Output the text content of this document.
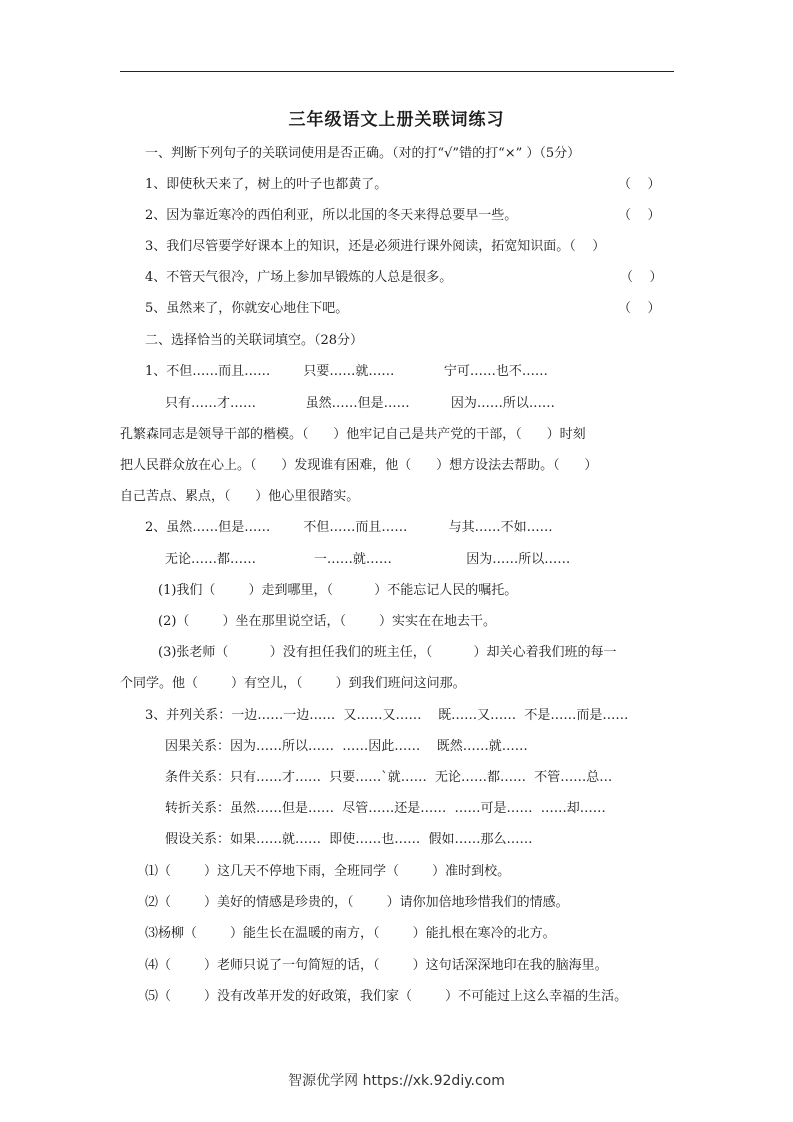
三年级语文上册关联词练习
一、判断下列句子的关联词使用是否正确。（对的打“√”错的打“×” ）（5分）
1、即使秋天来了，树上的叶子也都黄了。	（    ）
2、因为靠近寒冷的西伯利亚，所以北国的冬天来得总要早一些。	（    ）
3、我们尽管要学好课本上的知识，还是必须进行课外阅读，拓宽知识面。（    ）
4、不管天气很冷，广场上参加早锻炼的人总是很多。	（    ）
5、虽然来了，你就安心地住下吧。	（    ）
二、选择恰当的关联词填空。（28分）
1、不但……而且……        只要……就……            宁可……也不……
只有……才……            虽然……但是……          因为……所以……
孔繁森同志是领导干部的楷模。（      ）他牢记自己是共产党的干部，（      ）时刻
把人民群众放在心上。（      ）发现谁有困难，他（      ）想方设法去帮助。（      ）
自己苦点、累点，（      ）他心里很踏实。
2、虽然……但是……        不但……而且……          与其……不如……
无论……都……              一……就……                  因为……所以……
(1)我们（        ）走到哪里，（          ）不能忘记人民的嘱托。
(2)（        ）坐在那里说空话，（        ）实实在在地去干。
(3)张老师（          ）没有担任我们的班主任，（          ）却关心着我们班的每一
个同学。他（        ）有空儿，（        ）到我们班问这问那。
3、并列关系：一边……一边……  又……又……    既……又……  不是……而是……
因果关系：因为……所以……  ……因此……    既然……就……
条件关系：只有……才……  只要……`就……  无论……都……  不管……总…
转折关系：虽然……但是……  尽管……还是……  ……可是……  ……却……
假设关系：如果……就……  即使……也……  假如……那么……
⑴（        ）这几天不停地下雨，全班同学（        ）准时到校。
⑵（        ）美好的情感是珍贵的，（        ）请你加倍地珍惜我们的情感。
⑶杨柳（        ）能生长在温暖的南方，（        ）能扎根在寒冷的北方。
⑷（        ）老师只说了一句简短的话，（        ）这句话深深地印在我的脑海里。
⑸（        ）没有改革开发的好政策，我们家（        ）不可能过上这么幸福的生活。
智源优学网 https://xk.92diy.com
